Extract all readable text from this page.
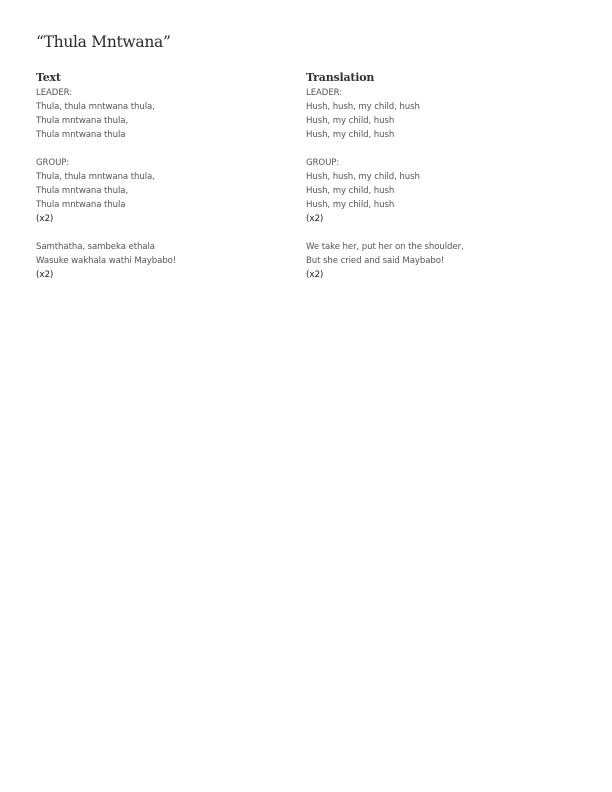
“Thula Mntwana”
Text
LEADER:
Thula, thula mntwana thula,
Thula mntwana thula,
Thula mntwana thula
GROUP:
Thula, thula mntwana thula,
Thula mntwana thula,
Thula mntwana thula
(x2)
Samthatha, sambeka ethala
Wasuke wakhala wathi Maybabo!
(x2)
Translation
LEADER:
Hush, hush, my child, hush
Hush, my child, hush
Hush, my child, hush
GROUP:
Hush, hush, my child, hush
Hush, my child, hush
Hush, my child, hush
(x2)
We take her, put her on the shoulder,
But she cried and said Maybabo!
(x2)
